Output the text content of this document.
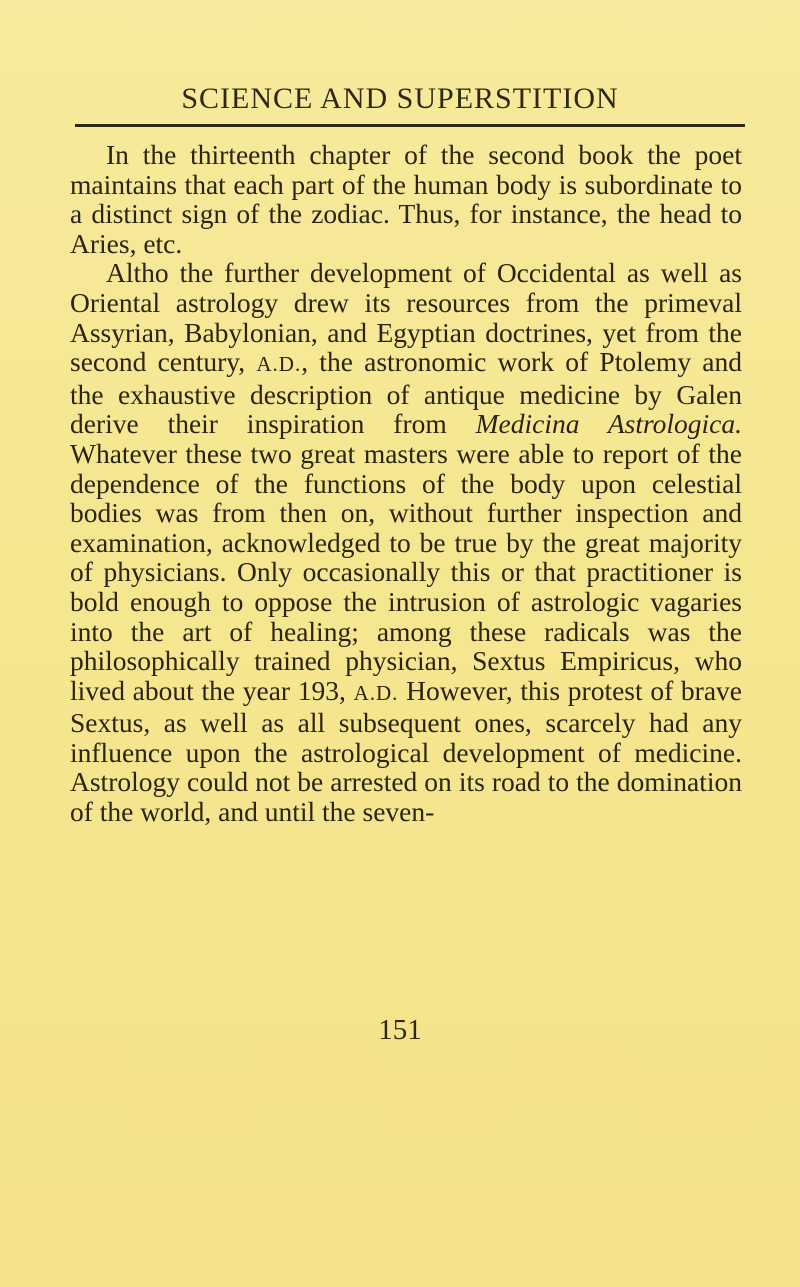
SCIENCE AND SUPERSTITION

In the thirteenth chapter of the second book the poet maintains that each part of the human body is subordinate to a distinct sign of the zodiac. Thus, for instance, the head to Aries, etc.

Altho the further development of Occidental as well as Oriental astrology drew its resources from the primeval Assyrian, Babylonian, and Egyptian doctrines, yet from the second century, A.D., the astronomic work of Ptolemy and the exhaustive description of antique medicine by Galen derive their inspiration from Medicina Astrologica. Whatever these two great masters were able to report of the dependence of the functions of the body upon celestial bodies was from then on, without further inspection and examination, acknowledged to be true by the great majority of physicians. Only occasionally this or that practitioner is bold enough to oppose the intrusion of astrologic vagaries into the art of healing; among these radicals was the philosophically trained physician, Sextus Empiricus, who lived about the year 193, A.D. However, this protest of brave Sextus, as well as all subsequent ones, scarcely had any influence upon the astrological development of medicine. Astrology could not be arrested on its road to the domination of the world, and until the seven-

151
